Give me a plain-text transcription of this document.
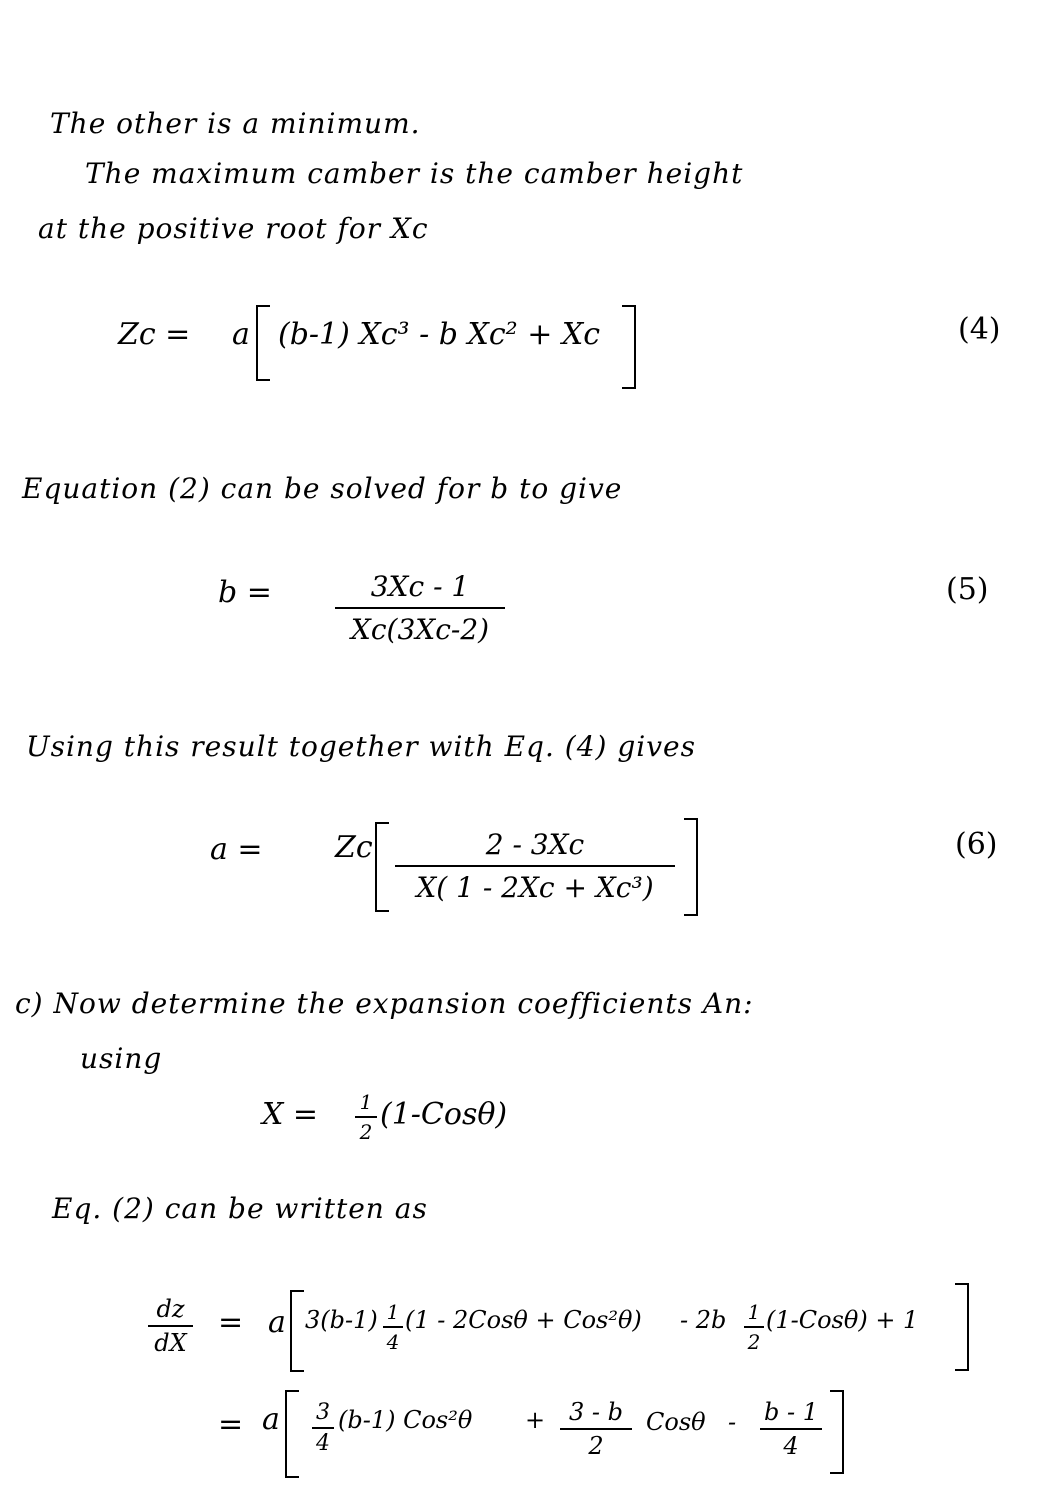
The other is a minimum.
The maximum camber is the camber height
at the positive root for Xc
Zc = a (b-1) Xc³ - b Xc² + Xc	(4)
Equation (2) can be solved for b to give
b =	3Xc - 1
Xc(3Xc-2)
(5)
Using this result together with Eq. (4) gives
a = Zc	2 - 3Xc
X( 1 - 2Xc + Xc³)
(6)
c) Now determine the expansion coefficients An:
using
X = 1
2 (1-Cosθ)
Eq. (2) can be written as
dz
dX
= a 3(b-1) 1
4
(1 - 2Cosθ + Cos²θ) - 2b 1
2
(1-Cosθ) + 1
= a 3
4
(b-1) Cos²θ + 3 - b
2
Cosθ - b - 1
4
